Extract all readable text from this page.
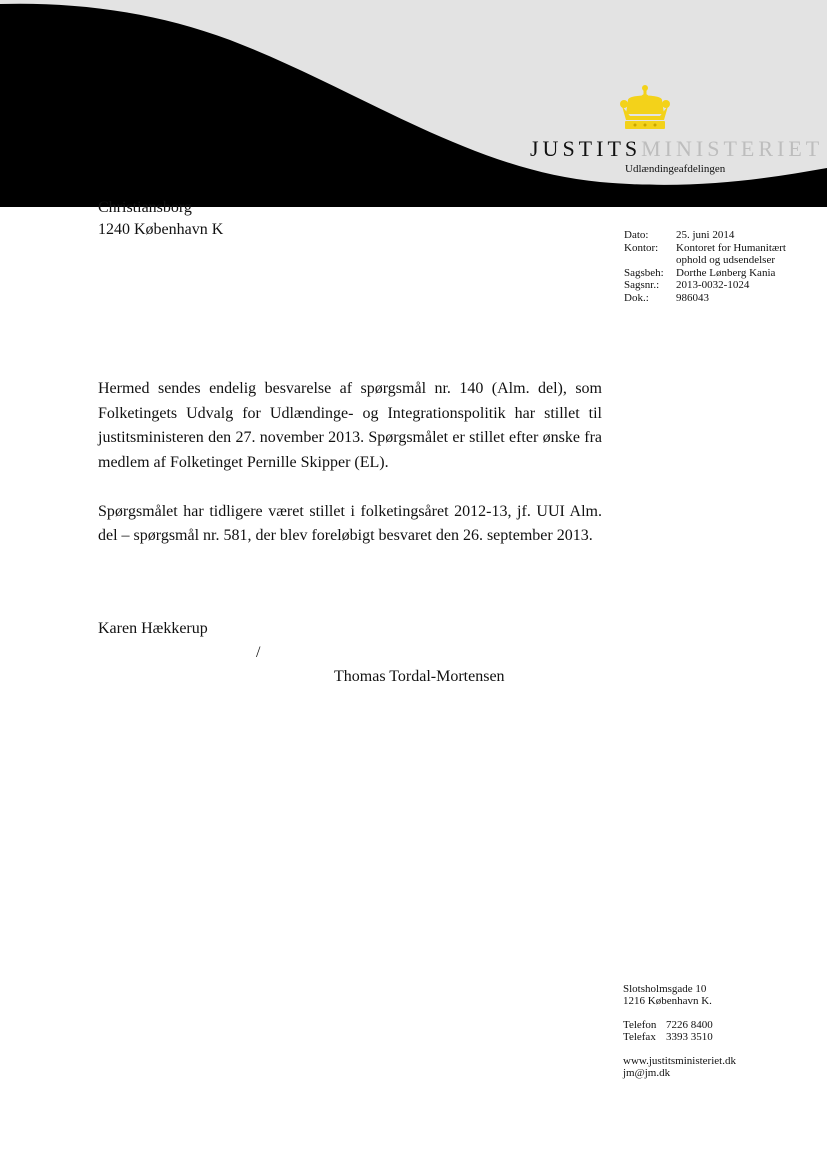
JUSTITSMINISTERIET
Udlændingeafdelingen
Christiansborg
1240 København K	Dato:	25. juni 2014
Kontor:	Kontoret for Humanitært
ophold og udsendelser
Sagsbeh:	Dorthe Lønberg Kania
Sagsnr.:	2013-0032-1024
Dok.:	986043

Hermed sendes endelig besvarelse af spørgsmål nr. 140 (Alm. del), som Folketingets Udvalg for Udlændinge- og Integrationspolitik har stillet til justitsministeren den 27. november 2013. Spørgsmålet er stillet efter ønske fra medlem af Folketinget Pernille Skipper (EL).

Spørgsmålet har tidligere været stillet i folketingsåret 2012-13, jf. UUI Alm. del – spørgsmål nr. 581, der blev foreløbigt besvaret den 26. september 2013.

Karen Hækkerup
/
Thomas Tordal-Mortensen
Slotsholmsgade 10
1216 København K.
Telefon 7226 8400
Telefax 3393 3510
www.justitsministeriet.dk
jm@jm.dk
